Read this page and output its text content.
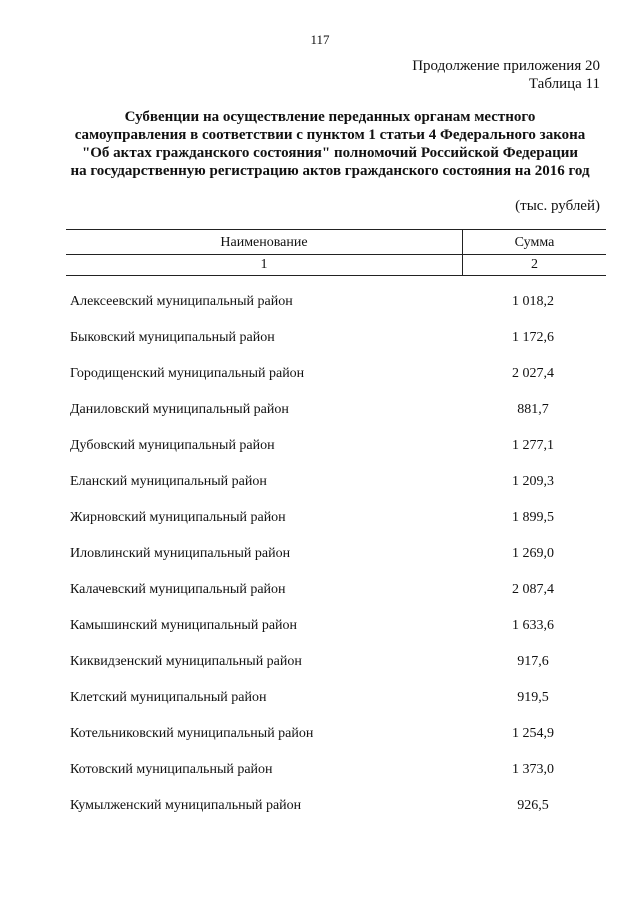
117
Продолжение приложения 20
Таблица 11
Субвенции на осуществление переданных органам местного
самоуправления в соответствии с пунктом 1 статьи 4 Федерального закона
"Об актах гражданского состояния" полномочий Российской Федерации
на государственную регистрацию актов гражданского состояния на 2016 год
(тыс. рублей)
Наименование	Сумма
1	2
Алексеевский муниципальный район	1 018,2
Быковский муниципальный район	1 172,6
Городищенский муниципальный район	2 027,4
Даниловский муниципальный район	881,7
Дубовский муниципальный район	1 277,1
Еланский муниципальный район	1 209,3
Жирновский муниципальный район	1 899,5
Иловлинский муниципальный район	1 269,0
Калачевский муниципальный район	2 087,4
Камышинский муниципальный район	1 633,6
Киквидзенский муниципальный район	917,6
Клетский муниципальный район	919,5
Котельниковский муниципальный район	1 254,9
Котовский муниципальный район	1 373,0
Кумылженский муниципальный район	926,5
